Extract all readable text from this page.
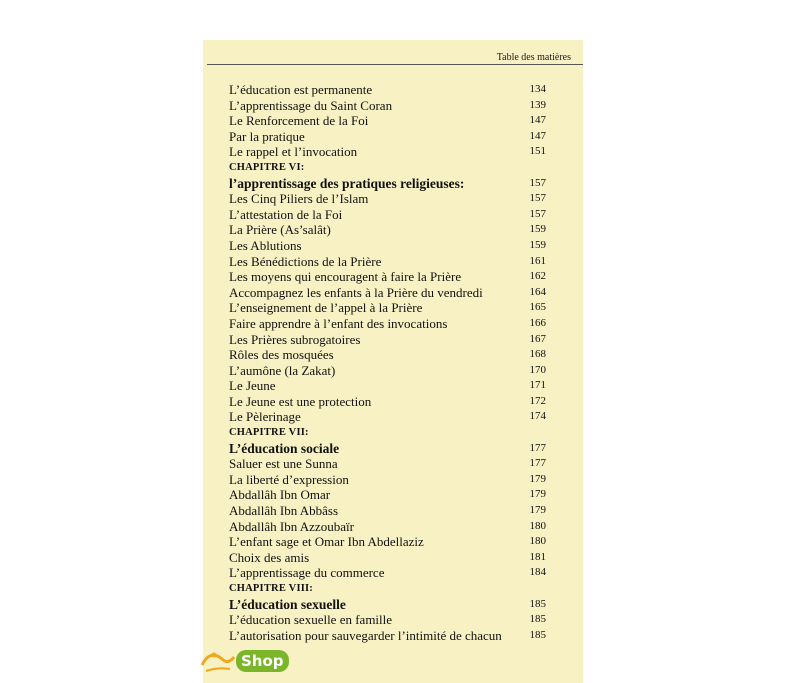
Table des matières
L’éducation est permanente	134
L’apprentissage du Saint Coran	139
Le Renforcement de la Foi	147
Par la pratique	147
Le rappel et l’invocation	151
CHAPITRE VI:
l’apprentissage des pratiques religieuses:	157
Les Cinq Piliers de l’Islam	157
L’attestation de la Foi	157
La Prière (As’salât)	159
Les Ablutions	159
Les Bénédictions de la Prière	161
Les moyens qui encouragent à faire la Prière	162
Accompagnez les enfants à la Prière du vendredi	164
L’enseignement de l’appel à la Prière	165
Faire apprendre à l’enfant des invocations	166
Les Prières subrogatoires	167
Rôles des mosquées	168
L’aumône (la Zakat)	170
Le Jeune	171
Le Jeune est une protection	172
Le Pèlerinage	174
CHAPITRE VII:
L’éducation sociale	177
Saluer est une Sunna	177
La liberté d’expression	179
Abdallâh Ibn Omar	179
Abdallâh Ibn Abbâss	179
Abdallâh Ibn Azzoubaïr	180
L’enfant sage et Omar Ibn Abdellaziz	180
Choix des amis	181
L’apprentissage du commerce	184
CHAPITRE VIII:
L’éducation sexuelle	185
L’éducation sexuelle en famille	185
L’autorisation pour sauvegarder l’intimité de chacun	185
Shop
